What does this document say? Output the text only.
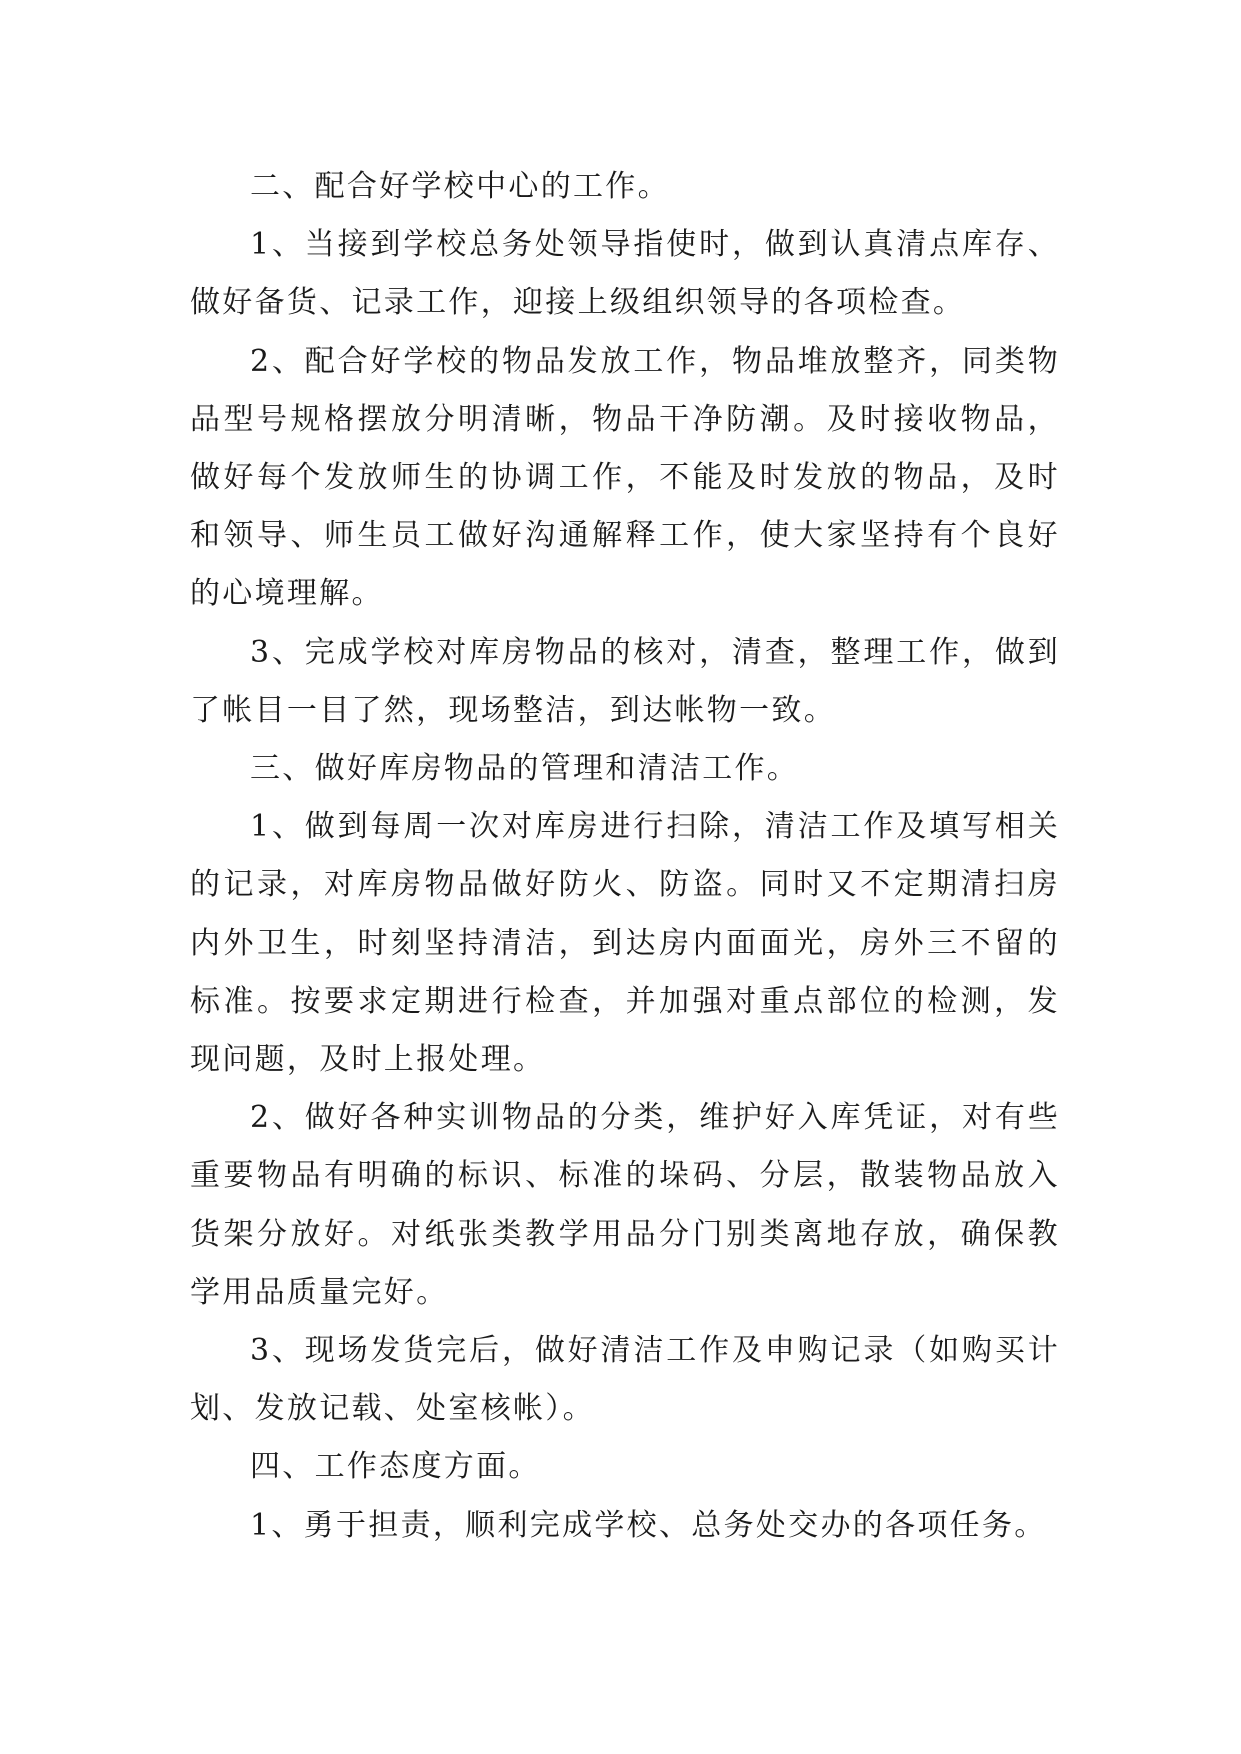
二、配合好学校中心的工作。

1、当接到学校总务处领导指使时，做到认真清点库存、做好备货、记录工作，迎接上级组织领导的各项检查。

2、配合好学校的物品发放工作，物品堆放整齐，同类物品型号规格摆放分明清晰，物品干净防潮。及时接收物品，做好每个发放师生的协调工作，不能及时发放的物品，及时和领导、师生员工做好沟通解释工作，使大家坚持有个良好的心境理解。

3、完成学校对库房物品的核对，清查，整理工作，做到了帐目一目了然，现场整洁，到达帐物一致。

三、做好库房物品的管理和清洁工作。

1、做到每周一次对库房进行扫除，清洁工作及填写相关的记录，对库房物品做好防火、防盗。同时又不定期清扫房内外卫生，时刻坚持清洁，到达房内面面光，房外三不留的标准。按要求定期进行检查，并加强对重点部位的检测，发现问题，及时上报处理。

2、做好各种实训物品的分类，维护好入库凭证，对有些重要物品有明确的标识、标准的垛码、分层，散装物品放入货架分放好。对纸张类教学用品分门别类离地存放，确保教学用品质量完好。

3、现场发货完后，做好清洁工作及申购记录（如购买计划、发放记载、处室核帐）。

四、工作态度方面。

1、勇于担责，顺利完成学校、总务处交办的各项任务。
